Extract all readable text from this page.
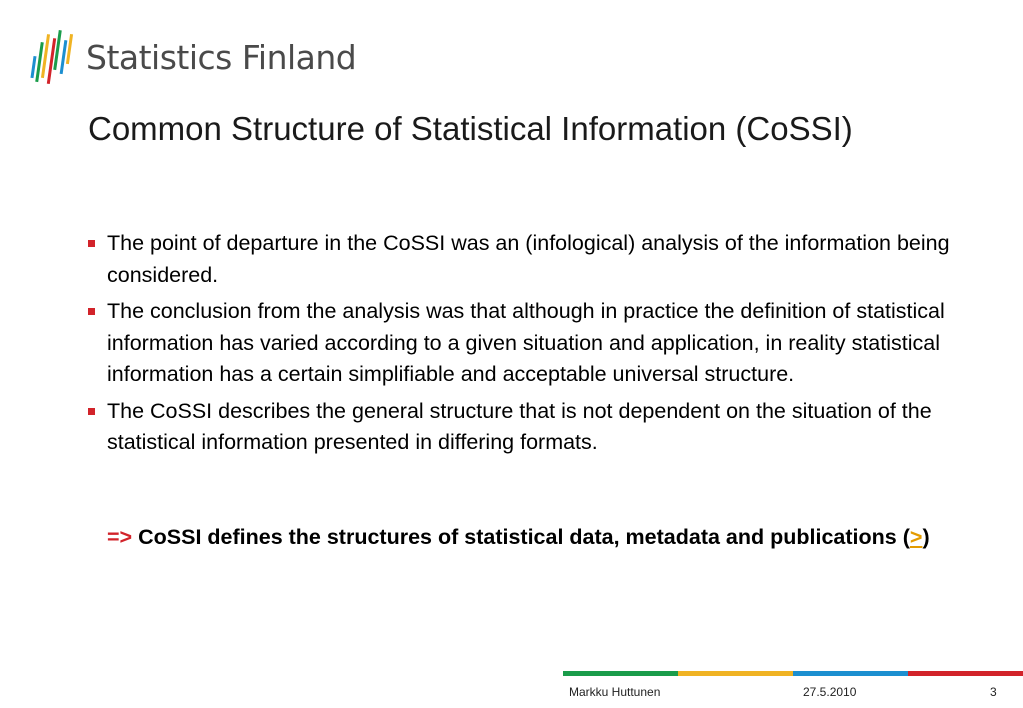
Statistics Finland
Common Structure of Statistical Information (CoSSI)
The point of departure in the CoSSI was an (infological) analysis of the information being considered.
The conclusion from the analysis was that although in practice the definition of statistical information has varied according to a given situation and application, in reality statistical information has a certain simplifiable and acceptable universal structure.
The CoSSI describes the general structure that is not dependent on the situation of the statistical information presented in differing formats.
=> CoSSI defines the structures of statistical data, metadata and publications (>)
Markku Huttunen	27.5.2010	3
